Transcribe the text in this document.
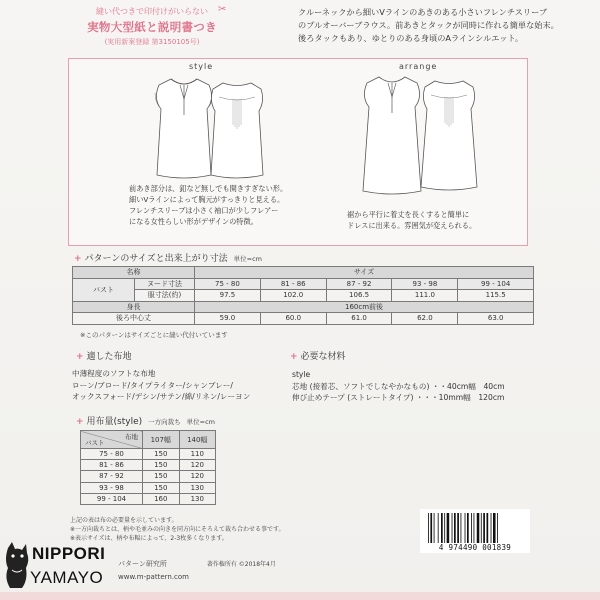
縫い代つきで印付けがいらない
実物大型紙と説明書つき
(実用新案登録 第3150105号)
✂	クルーネックから細いVラインのあきのある小さいフレンチスリーブ

のプルオーバーブラウス。前あきとタックが同時に作れる簡単な始末。

後ろタックもあり、ゆとりのある身頃のAラインシルエット。

style	arrange
前あき部分は、釦など無しでも開きすぎない形。
細いVラインによって胸元がすっきりと見える。
フレンチスリーブは小さく袖口が少しフレアー
になる女性らしい形がデザインの特徴。
裾から平行に着丈を長くすると簡単に
ドレスに出来る。雰囲気が変えられる。
+ パターンのサイズと出来上がり寸法 単位=cm
名称		サイズ				
バスト	ヌード寸法	75 - 80	81 - 86	87 - 92	93 - 98	99 - 104
	服寸法(約)	97.5	102.0	106.5	111.0	115.5
身長		160cm前後				
後ろ中心丈		59.0	60.0	61.0	62.0	63.0
※このパターンはサイズごとに縫い代付いています
+ 適した布地
中薄程度のソフトな布地
ローン/ブロード/タイプライター/シャンブレー/
オックスフォード/デシン/サテン/綿/リネン/レーヨン
+ 必要な材料
style
芯地 (接着芯、ソフトでしなやかなもの) ・・40cm幅　40cm
伸び止めテープ (ストレートタイプ) ・・・10mm幅　120cm
+ 用布量(style) 一方向裁ち 単位=cm
布地
バスト	107幅	140幅
75 - 80	150	110
81 - 86	150	120
87 - 92	150	120
93 - 98	150	130
99 - 104	160	130
上記の表は布の必要量を示しています。
※一方向裁ちとは、柄や毛並みの向きを同方向にそろえて裁ち合わせる事です。
※表示サイズは、柄や布幅によって、2-3枚多くなります。
パターン研究所	著作権所有 ©2018年4月
www.m-pattern.com
4 974490 001839
NIPPORI
YAMAYO
